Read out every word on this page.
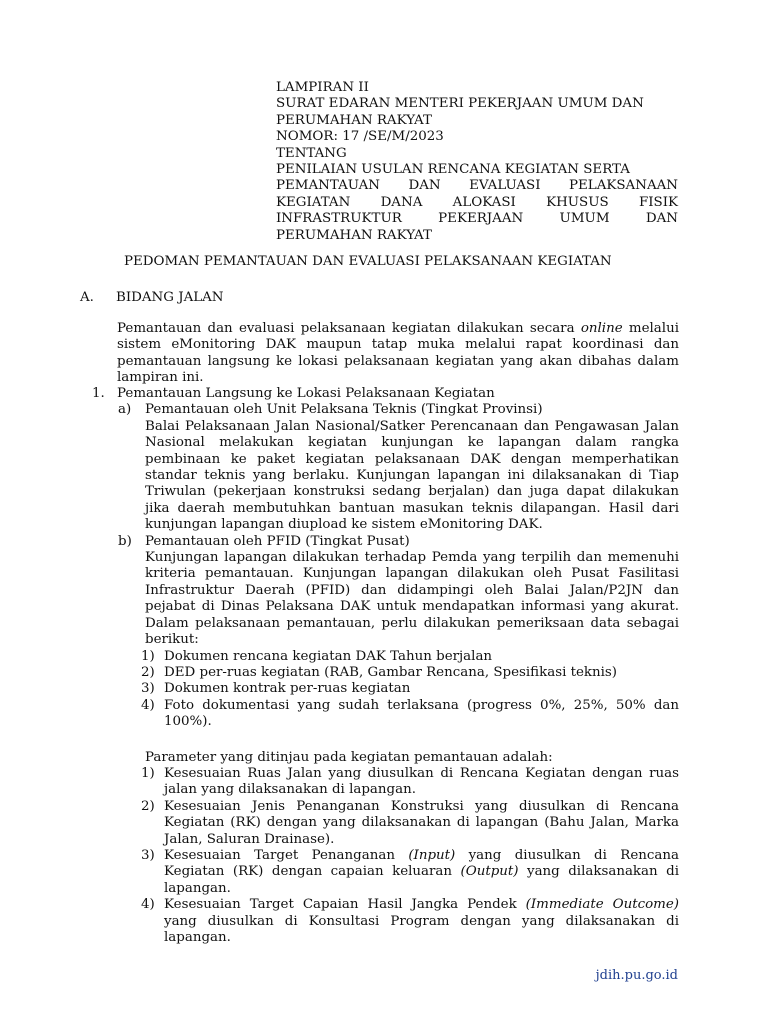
LAMPIRAN II
SURAT EDARAN MENTERI PEKERJAAN UMUM DAN
PERUMAHAN RAKYAT
NOMOR: 17 /SE/M/2023
TENTANG
PENILAIAN USULAN RENCANA KEGIATAN SERTA
PEMANTAUAN DAN EVALUASI PELAKSANAAN
KEGIATAN DANA ALOKASI KHUSUS FISIK
INFRASTRUKTUR PEKERJAAN UMUM DAN
PERUMAHAN RAKYAT
PEDOMAN PEMANTAUAN DAN EVALUASI PELAKSANAAN KEGIATAN
A. BIDANG JALAN
Pemantauan dan evaluasi pelaksanaan kegiatan dilakukan secara online melalui sistem eMonitoring DAK maupun tatap muka melalui rapat koordinasi dan pemantauan langsung ke lokasi pelaksanaan kegiatan yang akan dibahas dalam lampiran ini.
1. Pemantauan Langsung ke Lokasi Pelaksanaan Kegiatan
a) Pemantauan oleh Unit Pelaksana Teknis (Tingkat Provinsi)
Balai Pelaksanaan Jalan Nasional/Satker Perencanaan dan Pengawasan Jalan Nasional melakukan kegiatan kunjungan ke lapangan dalam rangka pembinaan ke paket kegiatan pelaksanaan DAK dengan memperhatikan standar teknis yang berlaku. Kunjungan lapangan ini dilaksanakan di Tiap Triwulan (pekerjaan konstruksi sedang berjalan) dan juga dapat dilakukan jika daerah membutuhkan bantuan masukan teknis dilapangan. Hasil dari kunjungan lapangan diupload ke sistem eMonitoring DAK.
b) Pemantauan oleh PFID (Tingkat Pusat)
Kunjungan lapangan dilakukan terhadap Pemda yang terpilih dan memenuhi kriteria pemantauan. Kunjungan lapangan dilakukan oleh Pusat Fasilitasi Infrastruktur Daerah (PFID) dan didampingi oleh Balai Jalan/P2JN dan pejabat di Dinas Pelaksana DAK untuk mendapatkan informasi yang akurat. Dalam pelaksanaan pemantauan, perlu dilakukan pemeriksaan data sebagai berikut:
1) Dokumen rencana kegiatan DAK Tahun berjalan
2) DED per-ruas kegiatan (RAB, Gambar Rencana, Spesifikasi teknis)
3) Dokumen kontrak per-ruas kegiatan
4) Foto dokumentasi yang sudah terlaksana (progress 0%, 25%, 50% dan 100%).
Parameter yang ditinjau pada kegiatan pemantauan adalah:
1) Kesesuaian Ruas Jalan yang diusulkan di Rencana Kegiatan dengan ruas jalan yang dilaksanakan di lapangan.
2) Kesesuaian Jenis Penanganan Konstruksi yang diusulkan di Rencana Kegiatan (RK) dengan yang dilaksanakan di lapangan (Bahu Jalan, Marka Jalan, Saluran Drainase).
3) Kesesuaian Target Penanganan (Input) yang diusulkan di Rencana Kegiatan (RK) dengan capaian keluaran (Output) yang dilaksanakan di lapangan.
4) Kesesuaian Target Capaian Hasil Jangka Pendek (Immediate Outcome) yang diusulkan di Konsultasi Program dengan yang dilaksanakan di lapangan.
jdih.pu.go.id
